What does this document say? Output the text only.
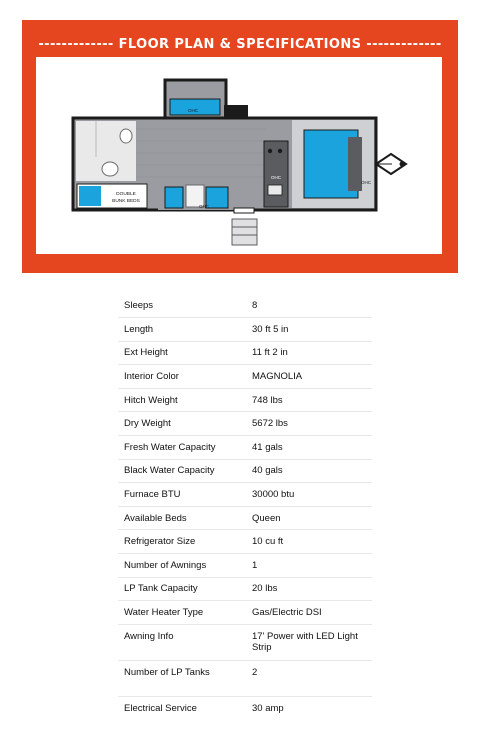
------------- FLOOR PLAN & SPECIFICATIONS -------------
DOUBLE
BUNK BEDS
OHC
OHC
OHC
OHC
Sleeps	8
Length	30 ft 5 in
Ext Height	11 ft 2 in
Interior Color	MAGNOLIA
Hitch Weight	748 lbs
Dry Weight	5672 lbs
Fresh Water Capacity	41 gals
Black Water Capacity	40 gals
Furnace BTU	30000 btu
Available Beds	Queen
Refrigerator Size	10 cu ft
Number of Awnings	1
LP Tank Capacity	20 lbs
Water Heater Type	Gas/Electric DSI
Awning Info	17' Power with LED Light Strip
Number of LP Tanks	2
Electrical Service	30 amp
